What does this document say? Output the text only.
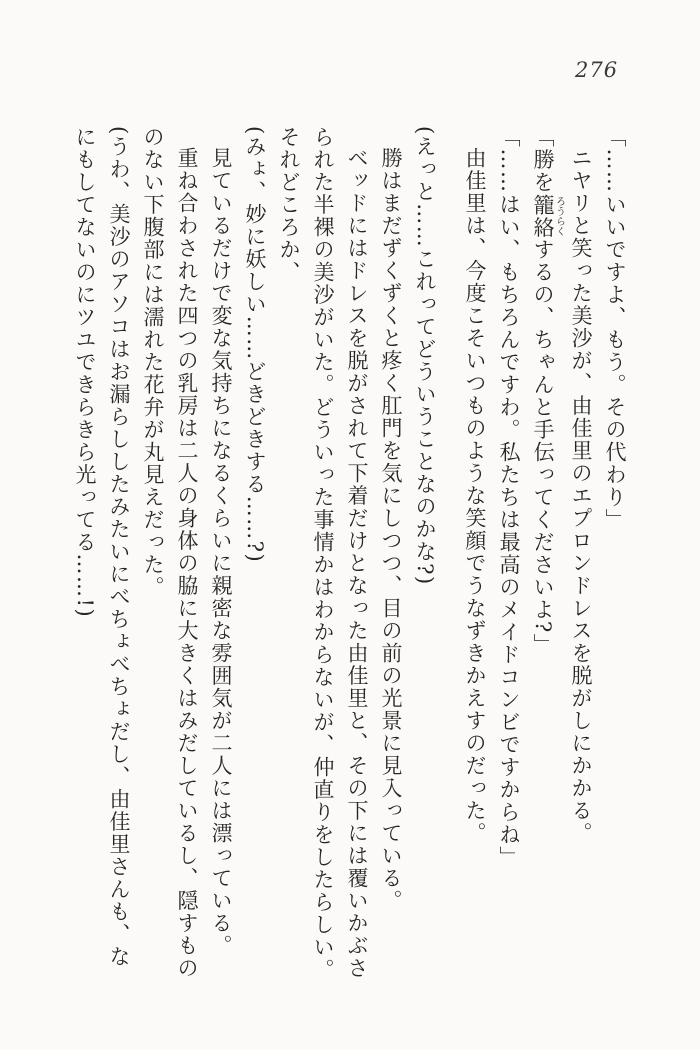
276
「……いいですよ、もう。その代わり」
ニヤリと笑った美沙が、由佳里のエプロンドレスを脱がしにかかる。
「勝を籠絡ろうらくするの、ちゃんと手伝ってくださいよ?」
「……はい、もちろんですわ。私たちは最高のメイドコンビですからね」
由佳里は、今度こそいつものような笑顔でうなずきかえすのだった。
(えっと……これってどういうことなのかな?)
勝はまだずくずくと疼く肛門を気にしつつ、目の前の光景に見入っている。
ベッドにはドレスを脱がされて下着だけとなった由佳里と、その下には覆いかぶさ
られた半裸の美沙がいた。どういった事情かはわからないが、仲直りをしたらしい。
それどころか、
(みょ、妙に妖しい……どきどきする……?)
見ているだけで変な気持ちになるくらいに親密な雰囲気が二人には漂っている。
重ね合わされた四つの乳房は二人の身体の脇に大きくはみだしているし、隠すもの
のない下腹部には濡れた花弁が丸見えだった。
(うわ、美沙のアソコはお漏らししたみたいにべちょべちょだし、由佳里さんも、な
にもしてないのにツユできらきら光ってる……!)
